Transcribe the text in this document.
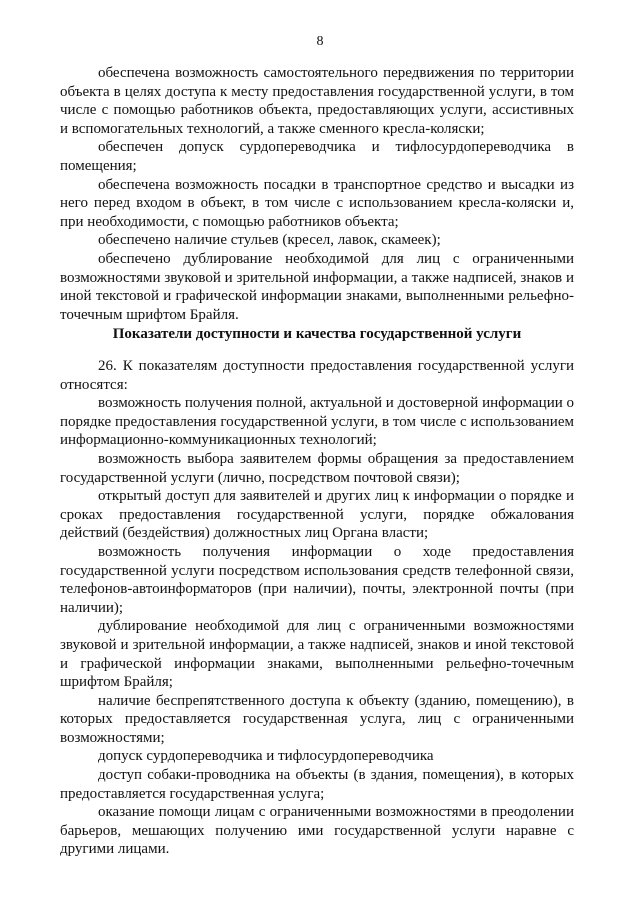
8

обеспечена возможность самостоятельного передвижения по территории объекта в целях доступа к месту предоставления государственной услуги, в том числе с помощью работников объекта, предоставляющих услуги, ассистивных и вспомогательных технологий, а также сменного кресла-коляски;

обеспечен допуск сурдопереводчика и тифлосурдопереводчика в помещения;

обеспечена возможность посадки в транспортное средство и высадки из него перед входом в объект, в том числе с использованием кресла-коляски и, при необходимости, с помощью работников объекта;

обеспечено наличие стульев (кресел, лавок, скамеек);

обеспечено дублирование необходимой для лиц с ограниченными возможностями звуковой и зрительной информации, а также надписей, знаков и иной текстовой и графической информации знаками, выполненными рельефно-точечным шрифтом Брайля.

Показатели доступности и качества государственной услуги

26. К показателям доступности предоставления государственной услуги относятся:

возможность получения полной, актуальной и достоверной информации о порядке предоставления государственной услуги, в том числе с использованием информационно-коммуникационных технологий;

возможность выбора заявителем формы обращения за предоставлением государственной услуги (лично, посредством почтовой связи);

открытый доступ для заявителей и других лиц к информации о порядке и сроках предоставления государственной услуги, порядке обжалования действий (бездействия) должностных лиц Органа власти;

возможность получения информации о ходе предоставления государственной услуги посредством использования средств телефонной связи, телефонов-автоинформаторов (при наличии), почты, электронной почты (при наличии);

дублирование необходимой для лиц с ограниченными возможностями звуковой и зрительной информации, а также надписей, знаков и иной текстовой и графической информации знаками, выполненными рельефно-точечным шрифтом Брайля;

наличие беспрепятственного доступа к объекту (зданию, помещению), в которых предоставляется государственная услуга, лиц с ограниченными возможностями;

допуск сурдопереводчика и тифлосурдопереводчика

доступ собаки-проводника на объекты (в здания, помещения), в которых предоставляется государственная услуга;

оказание помощи лицам с ограниченными возможностями в преодолении барьеров, мешающих получению ими государственной услуги наравне с другими лицами.
